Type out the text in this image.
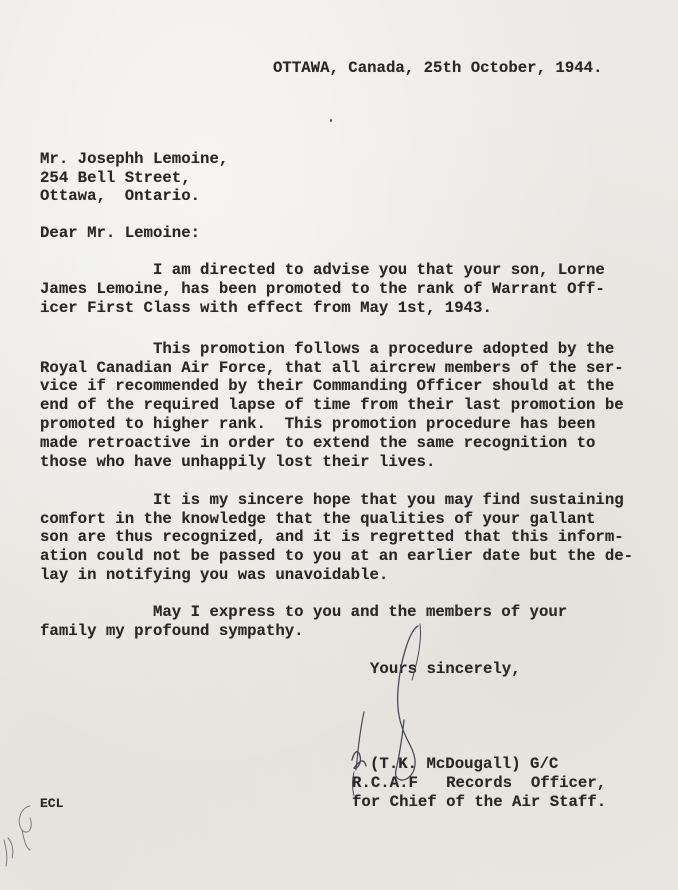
OTTAWA, Canada, 25th October, 1944.
Mr. Josephh Lemoine,
254 Bell Street,
Ottawa,  Ontario.
Dear Mr. Lemoine:
I am directed to advise you that your son, Lorne
James Lemoine, has been promoted to the rank of Warrant Off-
icer First Class with effect from May 1st, 1943.
This promotion follows a procedure adopted by the
Royal Canadian Air Force, that all aircrew members of the ser-
vice if recommended by their Commanding Officer should at the
end of the required lapse of time from their last promotion be
promoted to higher rank.  This promotion procedure has been
made retroactive in order to extend the same recognition to
those who have unhappily lost their lives.
It is my sincere hope that you may find sustaining
comfort in the knowledge that the qualities of your gallant
son are thus recognized, and it is regretted that this inform-
ation could not be passed to you at an earlier date but the de-
lay in notifying you was unavoidable.
May I express to you and the members of your
family my profound sympathy.
Yours sincerely,
(T.K. McDougall) G/C
R.C.A.F   Records  Officer,
for Chief of the Air Staff.
ECL
